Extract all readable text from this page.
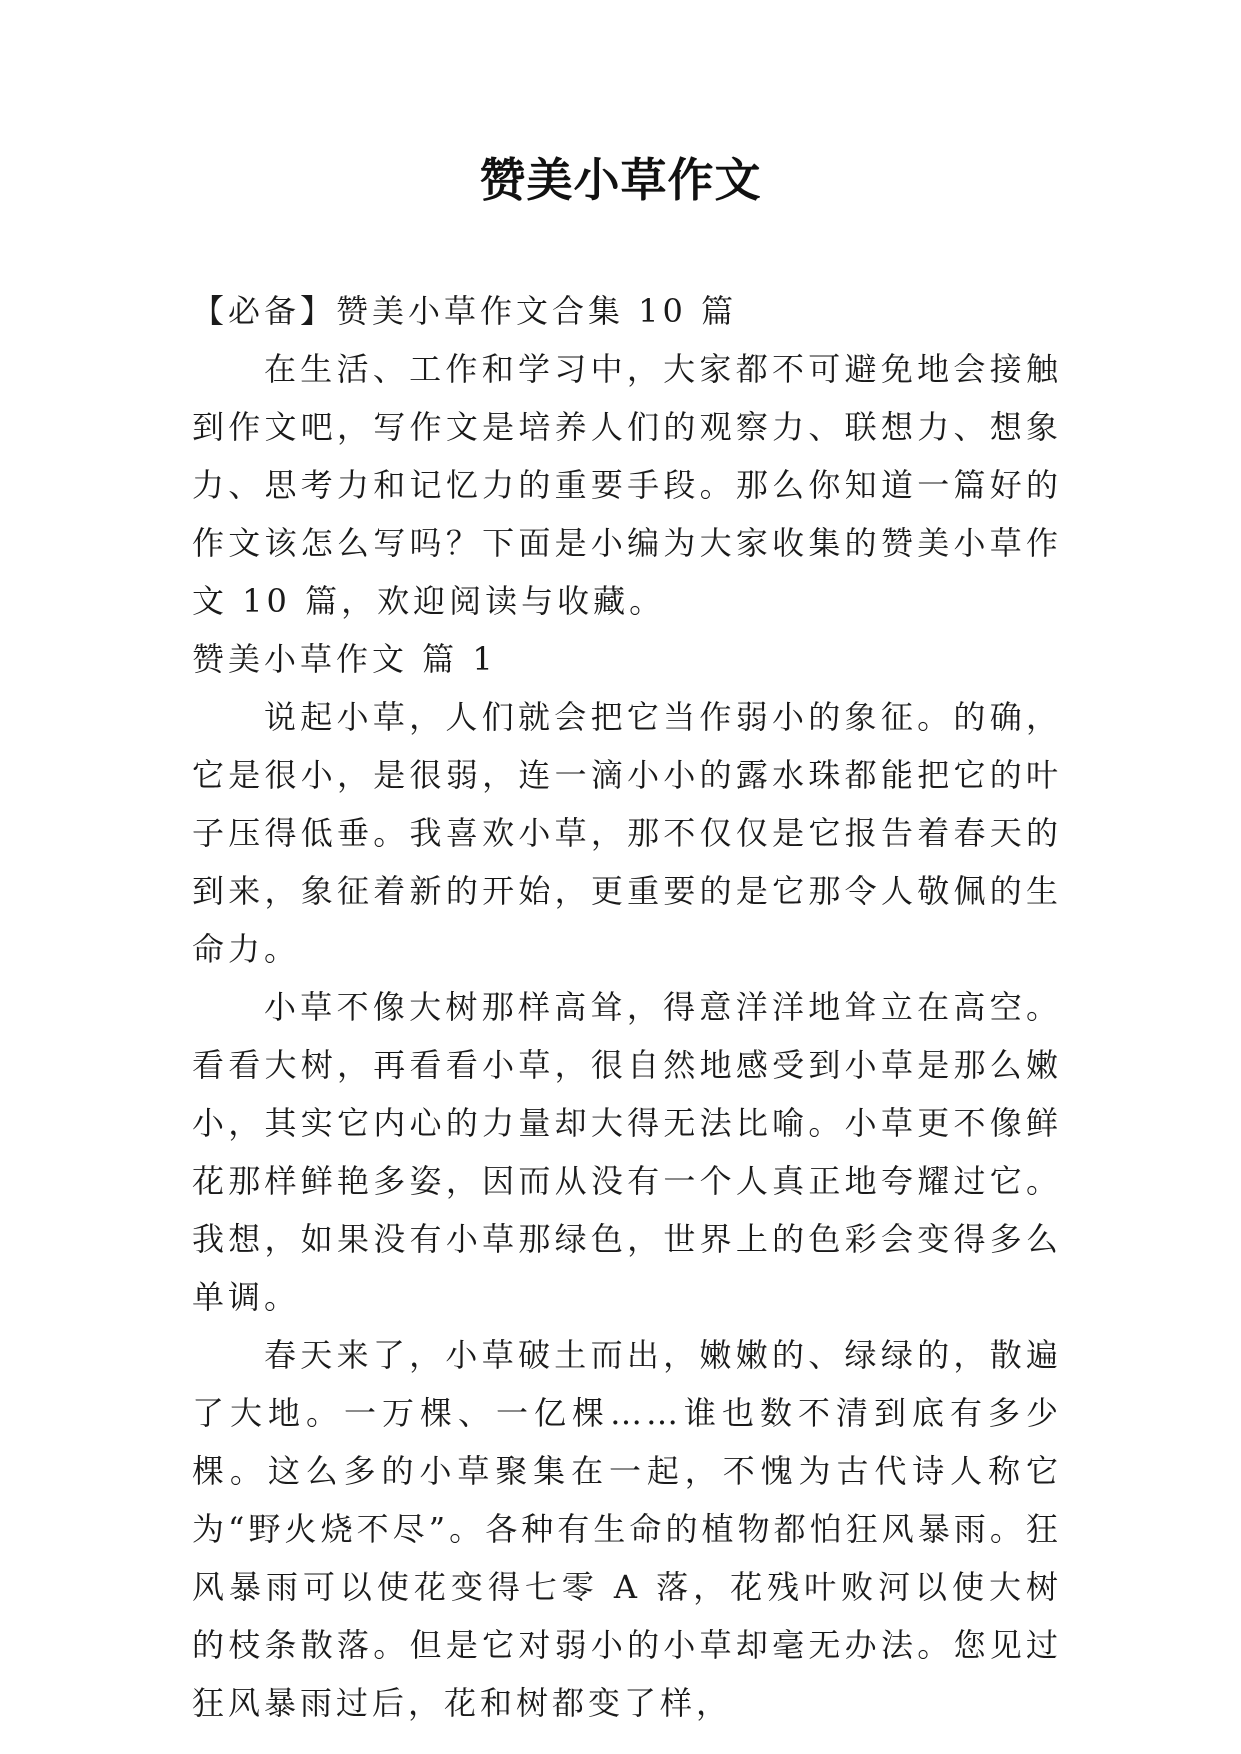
赞美小草作文

【必备】赞美小草作文合集 10 篇

在生活、工作和学习中，大家都不可避免地会接触到作文吧，写作文是培养人们的观察力、联想力、想象力、思考力和记忆力的重要手段。那么你知道一篇好的作文该怎么写吗？下面是小编为大家收集的赞美小草作文 10 篇，欢迎阅读与收藏。

赞美小草作文 篇 1

说起小草，人们就会把它当作弱小的象征。的确，它是很小，是很弱，连一滴小小的露水珠都能把它的叶子压得低垂。我喜欢小草，那不仅仅是它报告着春天的到来，象征着新的开始，更重要的是它那令人敬佩的生命力。

小草不像大树那样高耸，得意洋洋地耸立在高空。看看大树，再看看小草，很自然地感受到小草是那么嫩小，其实它内心的力量却大得无法比喻。小草更不像鲜花那样鲜艳多姿，因而从没有一个人真正地夸耀过它。我想，如果没有小草那绿色，世界上的色彩会变得多么单调。

春天来了，小草破土而出，嫩嫩的、绿绿的，散遍了大地。一万棵、一亿棵……谁也数不清到底有多少棵。这么多的小草聚集在一起，不愧为古代诗人称它为“野火烧不尽”。各种有生命的植物都怕狂风暴雨。狂风暴雨可以使花变得七零 A 落，花残叶败河以使大树的枝条散落。但是它对弱小的小草却毫无办法。您见过狂风暴雨过后，花和树都变了样，
